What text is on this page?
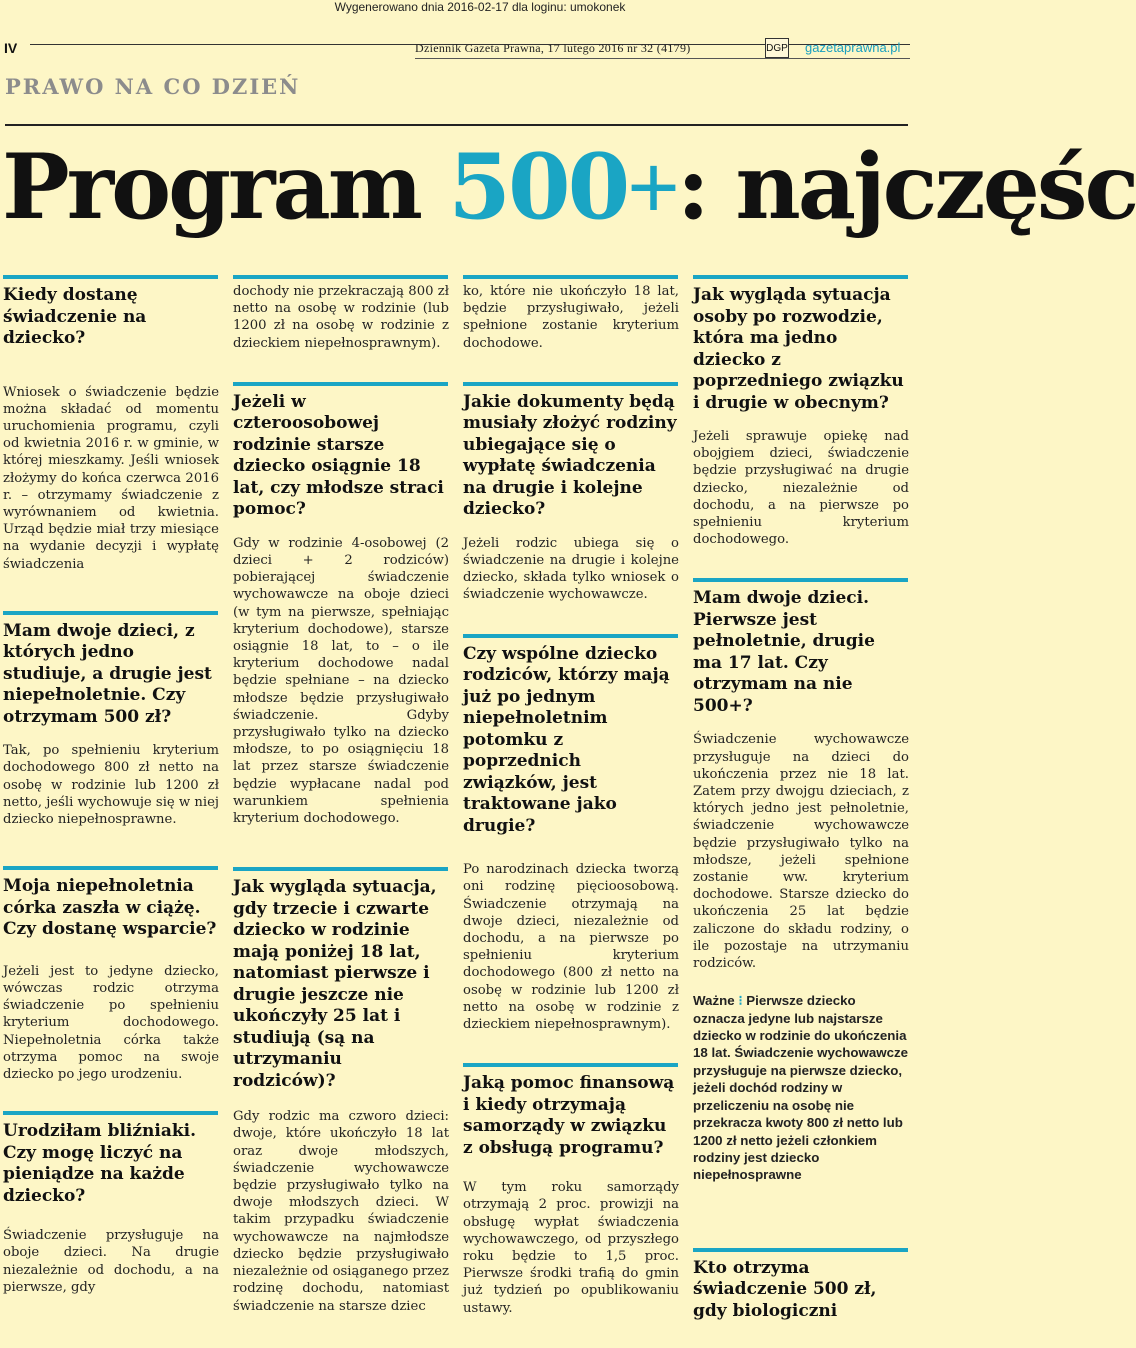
Wygenerowano dnia 2016-02-17 dla loginu: umokonek
IV	Dziennik Gazeta Prawna, 17 lutego 2016 nr 32 (4179)	DGP gazetaprawna.pl
PRAWO NA CO DZIEŃ
Program 500+: najczęśc
Kiedy dostanę świadczenie na dziecko?

Wniosek o świadczenie będzie można składać od momentu uruchomienia programu, czyli od kwietnia 2016 r. w gminie, w której mieszkamy. Jeśli wniosek złożymy do końca czerwca 2016 r. – otrzymamy świadczenie z wyrównaniem od kwietnia. Urząd będzie miał trzy miesiące na wydanie decyzji i wypłatę świadczenia

Mam dwoje dzieci, z których jedno studiuje, a drugie jest niepełnoletnie. Czy otrzymam 500 zł?

Tak, po spełnieniu kryterium dochodowego 800 zł netto na osobę w rodzinie lub 1200 zł netto, jeśli wychowuje się w niej dziecko niepełnosprawne.

Moja niepełnoletnia córka zaszła w ciążę. Czy dostanę wsparcie?

Jeżeli jest to jedyne dziecko, wówczas rodzic otrzyma świadczenie po spełnieniu kryterium dochodowego. Niepełnoletnia córka także otrzyma pomoc na swoje dziecko po jego urodzeniu.

Urodziłam bliźniaki. Czy mogę liczyć na pieniądze na każde dziecko?

Świadczenie przysługuje na oboje dzieci. Na drugie niezależnie od dochodu, a na pierwsze, gdy

dochody nie przekraczają 800 zł netto na osobę w rodzinie (lub 1200 zł na osobę w rodzinie z dzieckiem niepełnosprawnym).

Jeżeli w czteroosobowej rodzinie starsze dziecko osiągnie 18 lat, czy młodsze straci pomoc?

Gdy w rodzinie 4-osobowej (2 dzieci + 2 rodziców) pobierającej świadczenie wychowawcze na oboje dzieci (w tym na pierwsze, spełniając kryterium dochodowe), starsze osiągnie 18 lat, to – o ile kryterium dochodowe nadal będzie spełniane – na dziecko młodsze będzie przysługiwało świadczenie. Gdyby przysługiwało tylko na dziecko młodsze, to po osiągnięciu 18 lat przez starsze świadczenie będzie wypłacane nadal pod warunkiem spełnienia kryterium dochodowego.

Jak wygląda sytuacja, gdy trzecie i czwarte dziecko w rodzinie mają poniżej 18 lat, natomiast pierwsze i drugie jeszcze nie ukończyły 25 lat i studiują (są na utrzymaniu rodziców)?

Gdy rodzic ma czworo dzieci: dwoje, które ukończyło 18 lat oraz dwoje młodszych, świadczenie wychowawcze będzie przysługiwało tylko na dwoje młodszych dzieci. W takim przypadku świadczenie wychowawcze na najmłodsze dziecko będzie przysługiwało niezależnie od osiąganego przez rodzinę dochodu, natomiast świadczenie na starsze dziec

ko, które nie ukończyło 18 lat, będzie przysługiwało, jeżeli spełnione zostanie kryterium dochodowe.

Jakie dokumenty będą musiały złożyć rodziny ubiegające się o wypłatę świadczenia na drugie i kolejne dziecko?

Jeżeli rodzic ubiega się o świadczenie na drugie i kolejne dziecko, składa tylko wniosek o świadczenie wychowawcze.

Czy wspólne dziecko rodziców, którzy mają już po jednym niepełnoletnim potomku z poprzednich związków, jest traktowane jako drugie?

Po narodzinach dziecka tworzą oni rodzinę pięcioosobową. Świadczenie otrzymają na dwoje dzieci, niezależnie od dochodu, a na pierwsze po spełnieniu kryterium dochodowego (800 zł netto na osobę w rodzinie lub 1200 zł netto na osobę w rodzinie z dzieckiem niepełnosprawnym).

Jaką pomoc finansową i kiedy otrzymają samorządy w związku z obsługą programu?

W tym roku samorządy otrzymają 2 proc. prowizji na obsługę wypłat świadczenia wychowawczego, od przyszłego roku będzie to 1,5 proc. Pierwsze środki trafią do gmin już tydzień po opublikowaniu ustawy.

Jak wygląda sytuacja osoby po rozwodzie, która ma jedno dziecko z poprzedniego związku i drugie w obecnym?

Jeżeli sprawuje opiekę nad obojgiem dzieci, świadczenie będzie przysługiwać na drugie dziecko, niezależnie od dochodu, a na pierwsze po spełnieniu kryterium dochodowego.

Mam dwoje dzieci. Pierwsze jest pełnoletnie, drugie ma 17 lat. Czy otrzymam na nie 500+?

Świadczenie wychowawcze przysługuje na dzieci do ukończenia przez nie 18 lat. Zatem przy dwojgu dzieciach, z których jedno jest pełnoletnie, świadczenie wychowawcze będzie przysługiwało tylko na młodsze, jeżeli spełnione zostanie ww. kryterium dochodowe. Starsze dziecko do ukończenia 25 lat będzie zaliczone do składu rodziny, o ile pozostaje na utrzymaniu rodziców.

Ważne ⁝ Pierwsze dziecko oznacza jedyne lub najstarsze dziecko w rodzinie do ukończenia 18 lat. Świadczenie wychowawcze przysługuje na pierwsze dziecko, jeżeli dochód rodziny w przeliczeniu na osobę nie przekracza kwoty 800 zł netto lub 1200 zł netto jeżeli członkiem rodziny jest dziecko niepełnosprawne
Kto otrzyma świadczenie 500 zł, gdy biologiczni
